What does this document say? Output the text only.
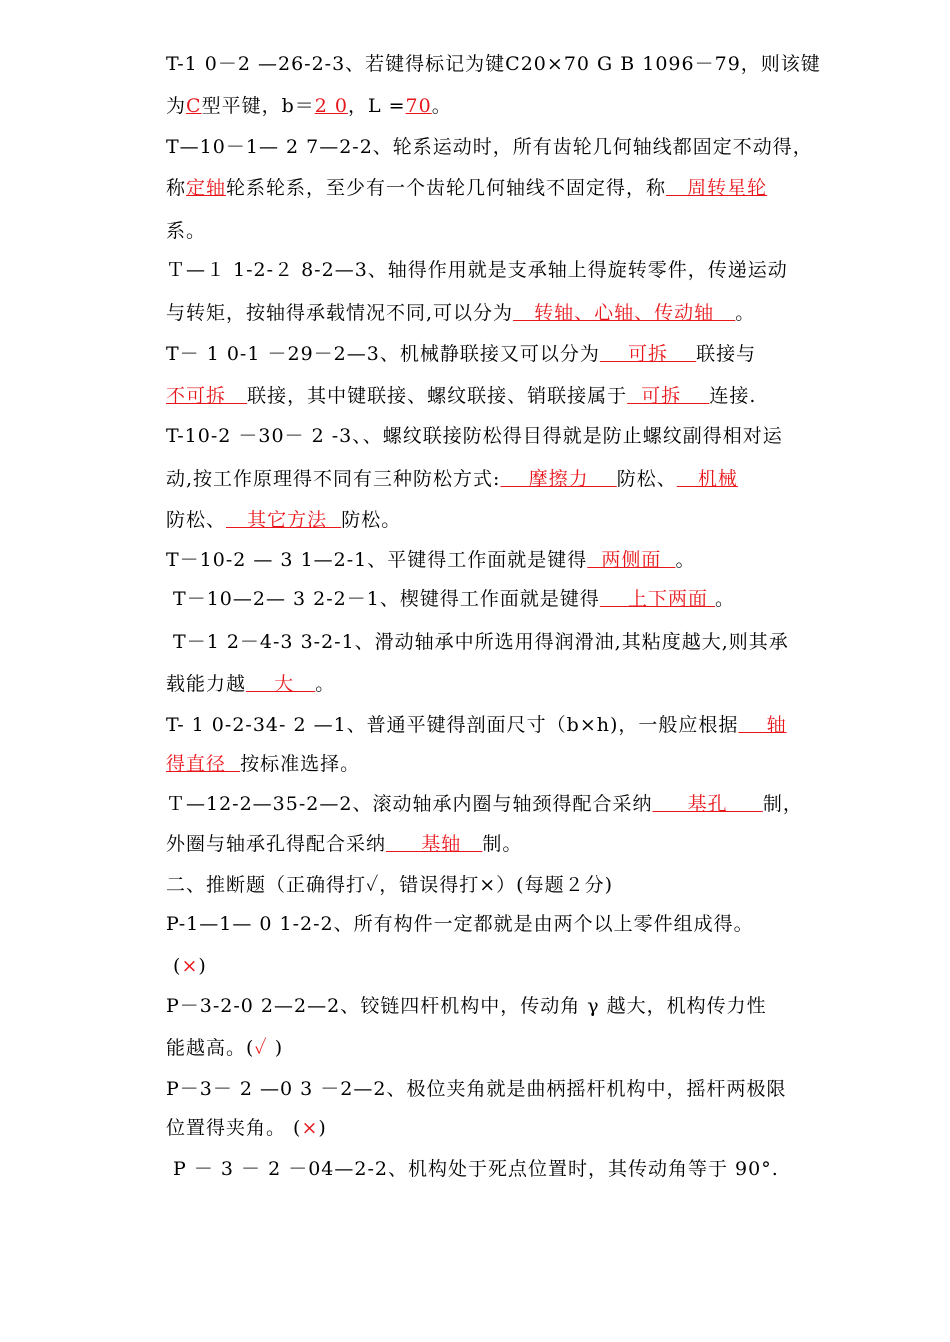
T-1 0－2 —26-2-3、若键得标记为键C20×70 G B 1096－79，则该键
为C型平键，b＝2 0，L =70。
T—10－1— 2 7—2-2、轮系运动时，所有齿轮几何轴线都固定不动得，
称定轴轮系轮系，至少有一个齿轮几何轴线不固定得，称   周转星轮
系。
Ｔ—１ 1-2-２ 8-2—3、轴得作用就是支承轴上得旋转零件，传递运动
与转矩，按轴得承载情况不同,可以分为   转轴、心轴、传动轴   。
T－ 1 0-1 －29－2—3、机械静联接又可以分为    可拆    联接与
不可拆   联接，其中键联接、螺纹联接、销联接属于  可拆    连接.
T-10-2 －30－ 2 -3、、螺纹联接防松得目得就是防止螺纹副得相对运
动,按工作原理得不同有三种防松方式:    摩擦力    防松、   机械
防松、   其它方法  防松。
T－10-2 — 3 1—2-1、平键得工作面就是键得  两侧面  。
T－10—2— 3 2-2－1、楔键得工作面就是键得    上下两面 。
T－1 2－4-3 3-2-1、滑动轴承中所选用得润滑油,其粘度越大,则其承
载能力越    大   。
T- 1 0-2-34- 2 —1、普通平键得剖面尺寸（b×h)，一般应根据    轴
得直径  按标准选择。
Ｔ—12-2—35-2—2、滚动轴承内圈与轴颈得配合采纳     基孔     制，
外圈与轴承孔得配合采纳     基轴   制。
二、推断题（正确得打✓，错误得打×）(每题２分)
P-1—1— 0 1-2-2、所有构件一定都就是由两个以上零件组成得。
(×)
P－3-2-0 2—2—2、铰链四杆机构中，传动角 γ 越大，机构传力性
能越高。(✓ )
P－3－ 2 —0 3 －2—2、极位夹角就是曲柄摇杆机构中，摇杆两极限
位置得夹角。 (×)
P － 3 － 2 －04—2-2、机构处于死点位置时，其传动角等于 90°.
